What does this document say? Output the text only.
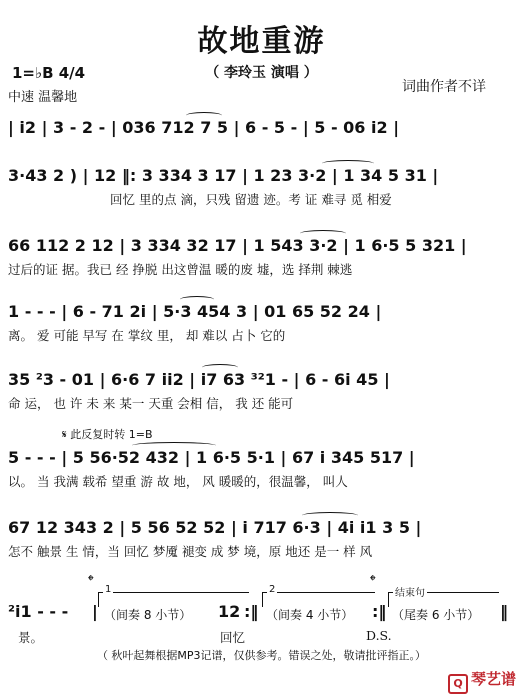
故地重游
（ 李玲玉 演唱 ）
1=♭B 4/4
中速 温馨地
词曲作者不详
| i2 | 3 - 2 - | 036 712 7 5 | 6 - 5 - | 5 - 06 i2 |
3·43 2 ) | 12 ‖: 3 334 3 17 | 1 23 3·2 | 1 34 5 31 |
回忆 里的点 滴，只残 留遗 迹。考 证 难寻 觅 相爱
66 112 2 12 | 3 334 32 17 | 1 543 3·2 | 1 6·5 5 321 |
过后的证 据。我已 经 挣脱 出这曾温 暖的废 墟，选 择荆 棘逃
1 - - - | 6 - 71 2i | 5·3 454 3 | 01 65 52 24 |
离。 爱 可能 早写 在 掌纹 里， 却 难以 占卜 它的
35 ²3 - 01 | 6·6 7 ii2 | i7 63 ³²1 - | 6 - 6i 45 |
命 运， 也 许 未 来 某一 天重 会相 信， 我 还 能可
𝄋 此反复时转 1=B
5 - - - | 5 56·52 432 | 1 6·5 5·1 | 67 i 345 517 |
以。 当 我满 载希 望重 游 故 地， 风 暖暖的，很温馨， 叫人
67 12 343 2 | 5 56 52 52 | i 717 6·3 | 4i i1 3 5 |
怎不 触景 生 情，当 回忆 梦魇 褪变 成 梦 境，原 地还 是一 样 风
𝄌	𝄌
1	2	结束句
²i1 - - - | （间奏 8 小节） 12 :‖ （间奏 4 小节） :‖ （尾奏 6 小节） ‖
景。	回忆	D.S.
（ 秋叶起舞根据MP3记谱，仅供参考。错误之处，敬请批评指正。）
Q 琴艺谱
